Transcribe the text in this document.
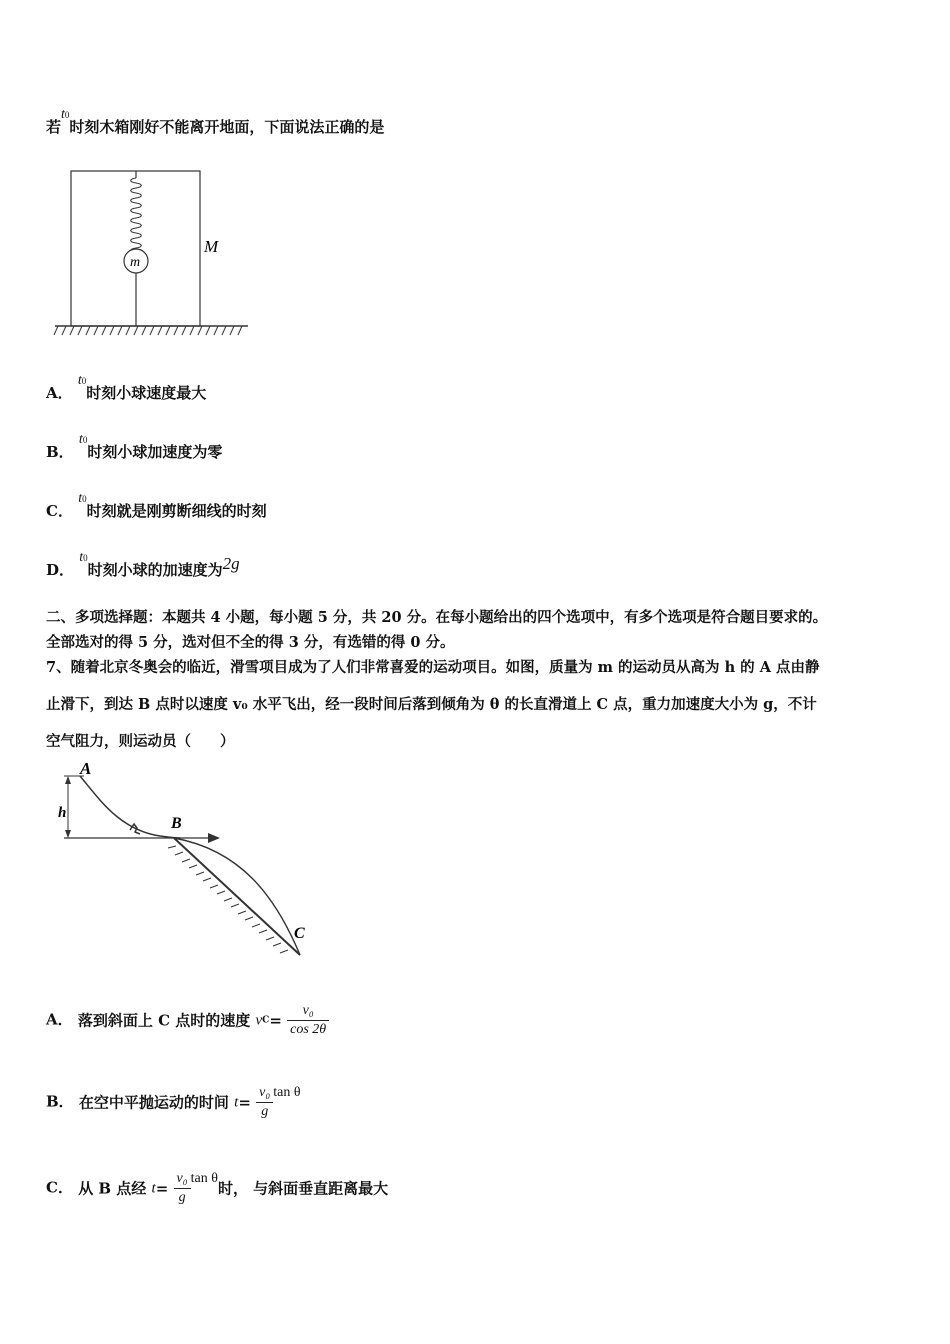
若t0时刻木箱刚好不能离开地面，下面说法正确的是
m
M
A． t0时刻小球速度最大
B． t0时刻小球加速度为零
C． t0时刻就是刚剪断细线的时刻
D． t0时刻小球的加速度为2g
二、多项选择题：本题共 4 小题，每小题 5 分，共 20 分。在每小题给出的四个选项中，有多个选项是符合题目要求的。
全部选对的得 5 分，选对但不全的得 3 分，有选错的得 0 分。
7、随着北京冬奥会的临近，滑雪项目成为了人们非常喜爱的运动项目。如图，质量为 m 的运动员从高为 h 的 A 点由静
止滑下，到达 B 点时以速度 v₀ 水平飞出，经一段时间后落到倾角为 θ 的长直滑道上 C 点，重力加速度大小为 g，不计
空气阻力，则运动员（　　）
h
A
B
C
A． 落到斜面上 C 点时的速度 $vC= \frac{\text{v₀}}{\cos 2\theta}$
B． 在空中平抛运动的时间 $t= \frac{\text{v₀}}{g}$ tan θ
C． 从 B 点经 $t= \frac{\text{v₀}}{g}$ tan θ时， 与斜面垂直距离最大
